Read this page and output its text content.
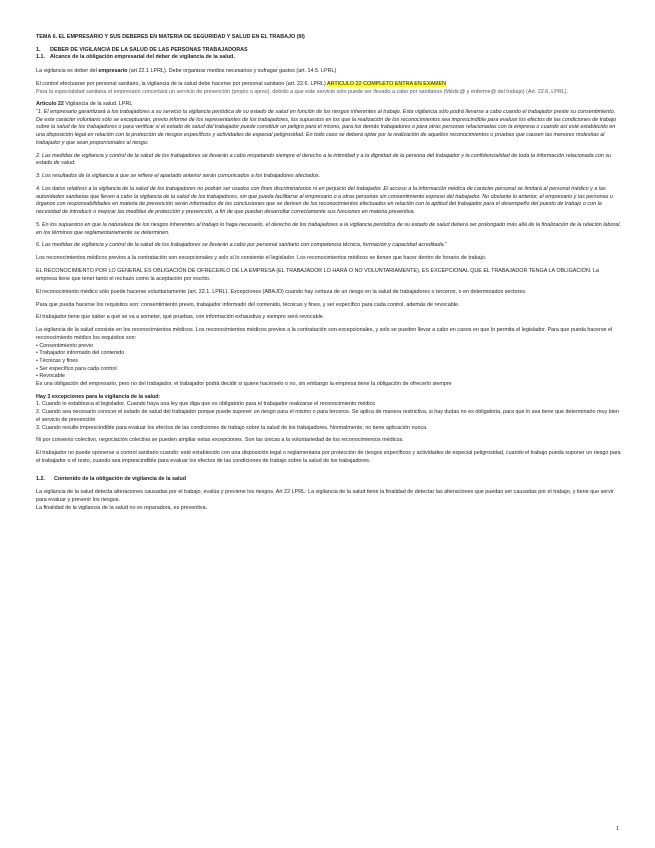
TEMA 6. EL EMPRESARIO Y SUS DEBERES EN MATERIA DE SEGURIDAD Y SALUD EN EL TRABAJO (III)

1. DEBER DE VIGILANCIA DE LA SALUD DE LAS PERSONAS TRABAJADORAS

1.1. Alcance de la obligación empresarial del deber de vigilancia de la salud.

La vigilancia es deber del empresario (art 22.1 LPRL). Debe organizar medios necesarios y sufragar gastos (art. 14.5. LPRL)

El control efectuarse por personal sanitario, la vigilancia de la salud debe hacerse por personal sanitario (art. 22.6. LPRL) ARTICULO 22 COMPLETO ENTRA EN EXAMEN
Para la especialidad sanitaria el empresario concertará un servicio de prevención (propio o ajeno), debido a que este servicio sólo puede ser llevado a cabo por sanitarios (Médic@ y enferme@ del trabajo) (Art. 22.6, LPRL).

Artículo 22 Vigilancia de la salud. LPRL

“1. El empresario garantizará a los trabajadores a su servicio la vigilancia periódica de su estado de salud en función de los riesgos inherentes al trabajo. Esta vigilancia sólo podrá llevarse a cabo cuando el trabajador preste su consentimiento. De este carácter voluntario sólo se exceptuarán, previo informe de los representantes de los trabajadores, los supuestos en los que la realización de los reconocimientos sea imprescindible para evaluar los efectos de las condiciones de trabajo sobre la salud de los trabajadores o para verificar si el estado de salud del trabajador puede constituir un peligro para el mismo, para los demás trabajadores o para otras personas relacionadas con la empresa o cuando así esté establecido en una disposición legal en relación con la protección de riesgos específicos y actividades de especial peligrosidad. En todo caso se deberá optar por la realización de aquellos reconocimientos o pruebas que causen las menores molestias al trabajador y que sean proporcionales al riesgo.

2. Las medidas de vigilancia y control de la salud de los trabajadores se llevarán a cabo respetando siempre el derecho a la intimidad y a la dignidad de la persona del trabajador y la confidencialidad de toda la información relacionada con su estado de salud.

3. Los resultados de la vigilancia a que se refiere el apartado anterior serán comunicados a los trabajadores afectados.

4. Los datos relativos a la vigilancia de la salud de los trabajadores no podrán ser usados con fines discriminatorios ni en perjuicio del trabajador. El acceso a la información médica de carácter personal se limitará al personal médico y a las autoridades sanitarias que lleven a cabo la vigilancia de la salud de los trabajadores, sin que pueda facilitarse al empresario o a otras personas sin consentimiento expreso del trabajador. No obstante lo anterior, el empresario y las personas u órganos con responsabilidades en materia de prevención serán informados de las conclusiones que se deriven de los reconocimientos efectuados en relación con la aptitud del trabajador para el desempeño del puesto de trabajo o con la necesidad de introducir o mejorar las medidas de protección y prevención, a fin de que puedan desarrollar correctamente sus funciones en materia preventiva.

5. En los supuestos en que la naturaleza de los riesgos inherentes al trabajo lo haga necesario, el derecho de los trabajadores a la vigilancia periódica de su estado de salud deberá ser prolongado más allá de la finalización de la relación laboral, en los términos que reglamentariamente se determinen.

6. Las medidas de vigilancia y control de la salud de los trabajadores se llevarán a cabo por personal sanitario con competencia técnica, formación y capacidad acreditada.”

Los reconocimientos médicos previos a la contratación son excepcionales y solo si lo consiente el legislador. Los reconocimientos médicos se tienen que hacer dentro de horario de trabajo.

EL RECONOCIMIENTO POR LO GENERAL ES OBLIGACIÓN DE OFRECERLO DE LA EMPRESA (EL TRABAJADOR LO HARÁ O NO VOLUNTARIAMENTE), ES EXCEPCIONAL QUE EL TRABAJADOR TENGA LA OBLIGACIÓN. La empresa tiene que tener tanto el rechazo como la aceptación por escrito.

El reconocimiento médico sólo puede hacerse voluntariamente (art. 22.1. LPRL). Excepciones (ABAJO) cuando hay certeza de un riesgo en la salud de trabajadores o terceros, o en determinados sectores.

Para que pueda hacerse los requisitos son: consentimiento previo, trabajador informado del contenido, técnicas y fines, y ser específico para cada control, además de revocable.

El trabajador tiene que saber a qué se va a someter, qué pruebas, con información exhaustiva y siempre será revocable.

La vigilancia de la salud consiste en los reconocimientos médicos. Los reconocimientos médicos previos a la contratación son excepcionales, y solo se pueden llevar a cabo en casos en que lo permita el legislador. Para que pueda hacerse el reconocimiento médico los requisitos son:

• Consentimiento previo
• Trabajador informado del contenido
• Técnicas y fines
• Ser específico para cada control
• Revocable

Es una obligación del empresario, pero no del trabajador, el trabajador podrá decidir si quiere hacérselo o no, sin embargo la empresa tiene la obligación de ofrecerlo siempre

Hay 3 excepciones para la vigilancia de la salud:

1. Cuando lo establezca el legislador. Cuando haya una ley que diga que es obligatorio para el trabajador realizarse el reconocimiento médico
2. Cuando sea necesario conocer el estado de salud del trabajador porque puede suponer un riesgo para el mismo o para terceros. Se aplica de manera restrictiva, si hay dudas no es obligatoria, para que lo sea tiene que determinarlo muy bien el servicio de prevención
3. Cuando resulte imprescindible para evaluar los efectos de las condiciones de trabajo sobre la salud de los trabajadores. Normalmente, no tiene aplicación nunca.

Ni por convenio colectivo, negociación colectiva se pueden ampliar estas excepciones. Son las únicas a la voluntariedad de los reconocimientos médicos.

El trabajador no puede oponerse a control sanitario cuando: esté establecido con una disposición legal o reglamentaria por protección de riesgos específicos y actividades de especial peligrosidad, cuando el trabajo pueda suponer un riesgo para el trabajador o el resto, cuando sea imprescindible para evaluar los efectos de las condiciones de trabajo sobre la salud de los trabajadores.

1.2. Contenido de la obligación de vigilancia de la salud

La vigilancia de la salud detecta alteraciones causadas por el trabajo, evalúa y previene los riesgos. Art 22 LPRL: La vigilancia de la salud tiene la finalidad de detectar las alteraciones que puedan ser causadas por el trabajo, y tiene que servir para evaluar y prevenir los riesgos.

La finalidad de la vigilancia de la salud no es reparadora, es preventiva.

1
